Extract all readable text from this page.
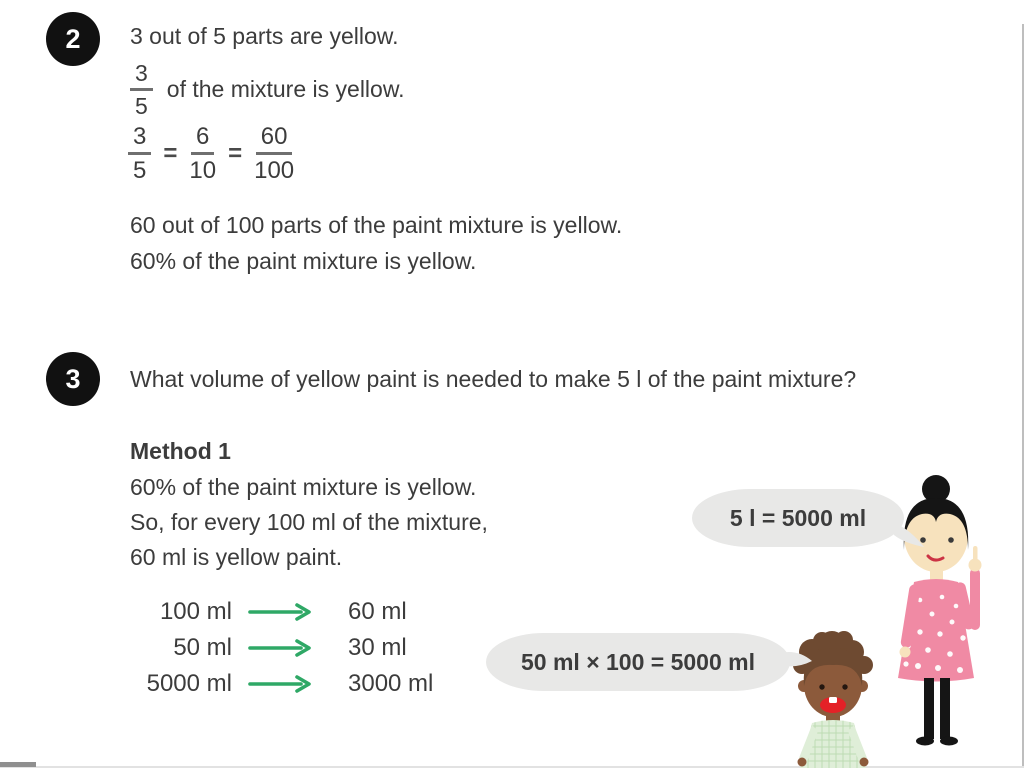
2 3 out of 5 parts are yellow.
$\frac{3}{5}$ of the mixture is yellow.
$\frac{3}{5} = \frac{6}{10} = \frac{60}{100}$
60 out of 100 parts of the paint mixture is yellow.
60% of the paint mixture is yellow.
3 What volume of yellow paint is needed to make 5 l of the paint mixture?
Method 1
60% of the paint mixture is yellow.
So, for every 100 ml of the mixture,
60 ml is yellow paint.
100 ml	60 ml
50 ml	30 ml
5000 ml	3000 ml
5 l = 5000 ml
50 ml × 100 = 5000 ml
